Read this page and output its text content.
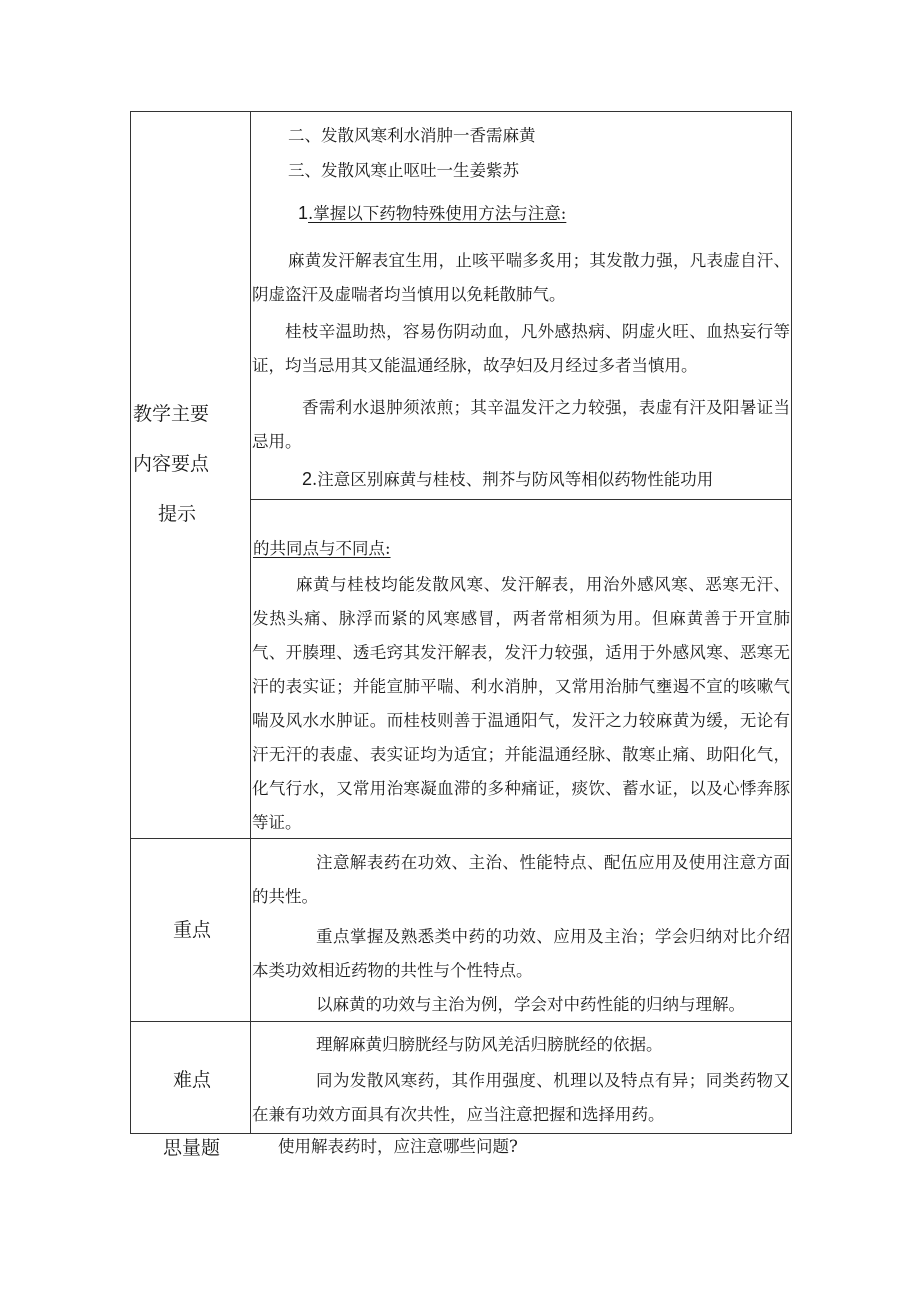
教学主要
内容要点
提示
二、发散风寒利水消肿一香需麻黄
三、发散风寒止呕吐一生姜紫苏
1.掌握以下药物特殊使用方法与注意:
麻黄发汗解表宜生用，止咳平喘多炙用；其发散力强，凡表虚自汗、阴虚盗汗及虚喘者均当慎用以免耗散肺气。
桂枝辛温助热，容易伤阴动血，凡外感热病、阴虚火旺、血热妄行等证，均当忌用其又能温通经脉，故孕妇及月经过多者当慎用。
香需利水退肿须浓煎；其辛温发汗之力较强，表虚有汗及阳暑证当忌用。
2.注意区别麻黄与桂枝、荆芥与防风等相似药物性能功用
的共同点与不同点:
麻黄与桂枝均能发散风寒、发汗解表，用治外感风寒、恶寒无汗、发热头痛、脉浮而紧的风寒感冒，两者常相须为用。但麻黄善于开宣肺气、开腠理、透毛窍其发汗解表，发汗力较强，适用于外感风寒、恶寒无汗的表实证；并能宣肺平喘、利水消肿，又常用治肺气壅遏不宣的咳嗽气喘及风水水肿证。而桂枝则善于温通阳气，发汗之力较麻黄为缓，无论有汗无汗的表虚、表实证均为适宜；并能温通经脉、散寒止痛、助阳化气，化气行水，又常用治寒凝血滞的多种痛证，痰饮、蓄水证，以及心悸奔豚等证。
重点
注意解表药在功效、主治、性能特点、配伍应用及使用注意方面的共性。
重点掌握及熟悉类中药的功效、应用及主治；学会归纳对比介绍本类功效相近药物的共性与个性特点。
以麻黄的功效与主治为例，学会对中药性能的归纳与理解。
难点
理解麻黄归膀胱经与防风羌活归膀胱经的依据。
同为发散风寒药，其作用强度、机理以及特点有异；同类药物又在兼有功效方面具有次共性，应当注意把握和选择用药。
思量题	使用解表药时，应注意哪些问题?
